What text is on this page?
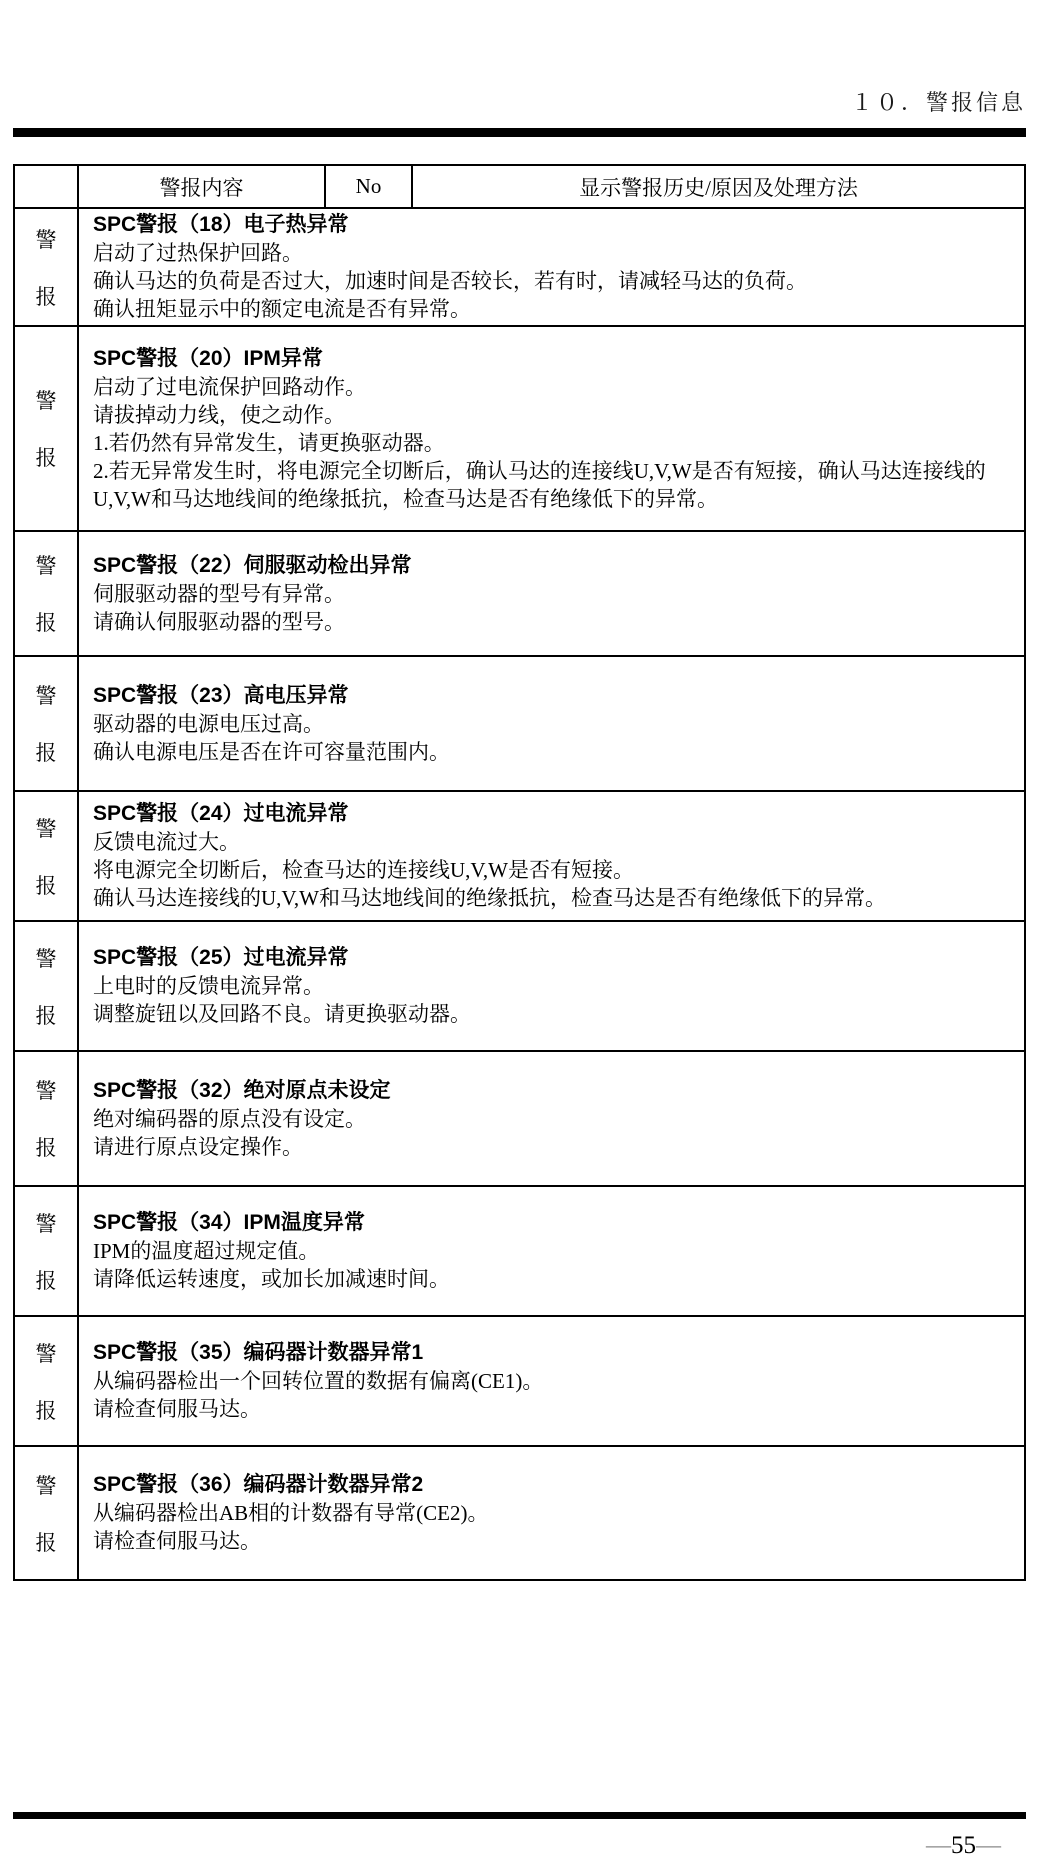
１０．警报信息
警报内容	No	显示警报历史/原因及处理方法
警
报
SPC警报（18）电子热异常
启动了过热保护回路。
确认马达的负荷是否过大，加速时间是否较长，若有时，请减轻马达的负荷。
确认扭矩显示中的额定电流是否有异常。
警
报
SPC警报（20）IPM异常
启动了过电流保护回路动作。
请拔掉动力线，使之动作。
1.若仍然有异常发生，请更换驱动器。
2.若无异常发生时，将电源完全切断后，确认马达的连接线U,V,W是否有短接，确认马达连接线的U,V,W和马达地线间的绝缘抵抗，检查马达是否有绝缘低下的异常。
警
报
SPC警报（22）伺服驱动检出异常
伺服驱动器的型号有异常。
请确认伺服驱动器的型号。
警
报
SPC警报（23）高电压异常
驱动器的电源电压过高。
确认电源电压是否在许可容量范围内。
警
报
SPC警报（24）过电流异常
反馈电流过大。
将电源完全切断后，检查马达的连接线U,V,W是否有短接。
确认马达连接线的U,V,W和马达地线间的绝缘抵抗，检查马达是否有绝缘低下的异常。
警
报
SPC警报（25）过电流异常
上电时的反馈电流异常。
调整旋钮以及回路不良。请更换驱动器。
警
报
SPC警报（32）绝对原点未设定
绝对编码器的原点没有设定。
请进行原点设定操作。
警
报
SPC警报（34）IPM温度异常
IPM的温度超过规定值。
请降低运转速度，或加长加减速时间。
警
报
SPC警报（35）编码器计数器异常1
从编码器检出一个回转位置的数据有偏离(CE1)。
请检查伺服马达。
警
报
SPC警报（36）编码器计数器异常2
从编码器检出AB相的计数器有导常(CE2)。
请检查伺服马达。
—55—
